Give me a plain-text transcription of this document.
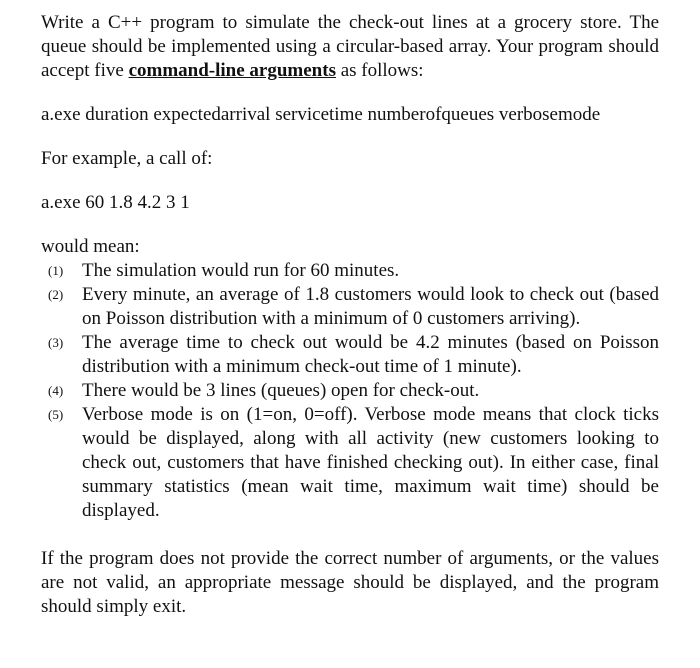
Write a C++ program to simulate the check-out lines at a grocery store. The queue should be implemented using a circular-based array. Your program should accept five command-line arguments as follows:

a.exe duration expectedarrival servicetime numberofqueues verbosemode

For example, a call of:

a.exe 60 1.8 4.2 3 1

would mean:

(1) The simulation would run for 60 minutes.
(2) Every minute, an average of 1.8 customers would look to check out (based on Poisson distribution with a minimum of 0 customers arriving).
(3) The average time to check out would be 4.2 minutes (based on Poisson distribution with a minimum check-out time of 1 minute).
(4) There would be 3 lines (queues) open for check-out.
(5) Verbose mode is on (1=on, 0=off). Verbose mode means that clock ticks would be displayed, along with all activity (new customers looking to check out, customers that have finished checking out). In either case, final summary statistics (mean wait time, maximum wait time) should be displayed.

If the program does not provide the correct number of arguments, or the values are not valid, an appropriate message should be displayed, and the program should simply exit.
